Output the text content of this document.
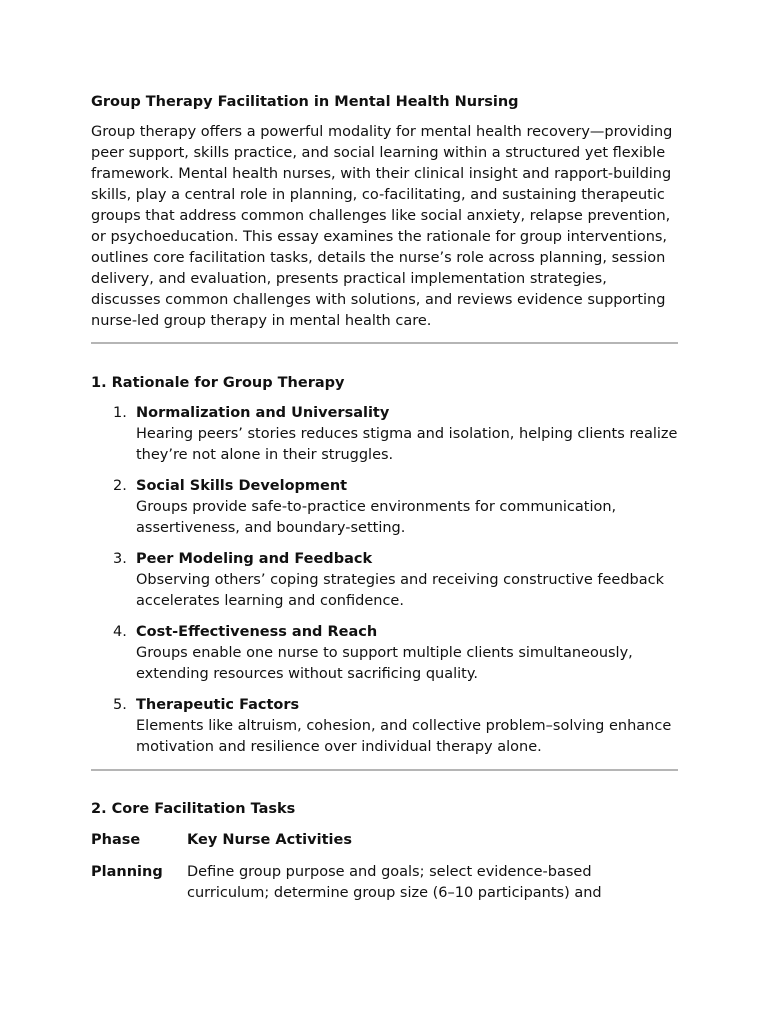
Group Therapy Facilitation in Mental Health Nursing

Group therapy offers a powerful modality for mental health recovery—providing peer support, skills practice, and social learning within a structured yet flexible framework. Mental health nurses, with their clinical insight and rapport-building skills, play a central role in planning, co-facilitating, and sustaining therapeutic groups that address common challenges like social anxiety, relapse prevention, or psychoeducation. This essay examines the rationale for group interventions, outlines core facilitation tasks, details the nurse’s role across planning, session delivery, and evaluation, presents practical implementation strategies, discusses common challenges with solutions, and reviews evidence supporting nurse-led group therapy in mental health care.

1. Rationale for Group Therapy
1. Normalization and Universality
Hearing peers’ stories reduces stigma and isolation, helping clients realize they’re not alone in their struggles.
2. Social Skills Development
Groups provide safe-to-practice environments for communication, assertiveness, and boundary-setting.
3. Peer Modeling and Feedback
Observing others’ coping strategies and receiving constructive feedback accelerates learning and confidence.
4. Cost-Effectiveness and Reach
Groups enable one nurse to support multiple clients simultaneously, extending resources without sacrificing quality.
5. Therapeutic Factors
Elements like altruism, cohesion, and collective problem–solving enhance motivation and resilience over individual therapy alone.
2. Core Facilitation Tasks
Phase	Key Nurse Activities
Planning	Define group purpose and goals; select evidence-based curriculum; determine group size (6–10 participants) and
